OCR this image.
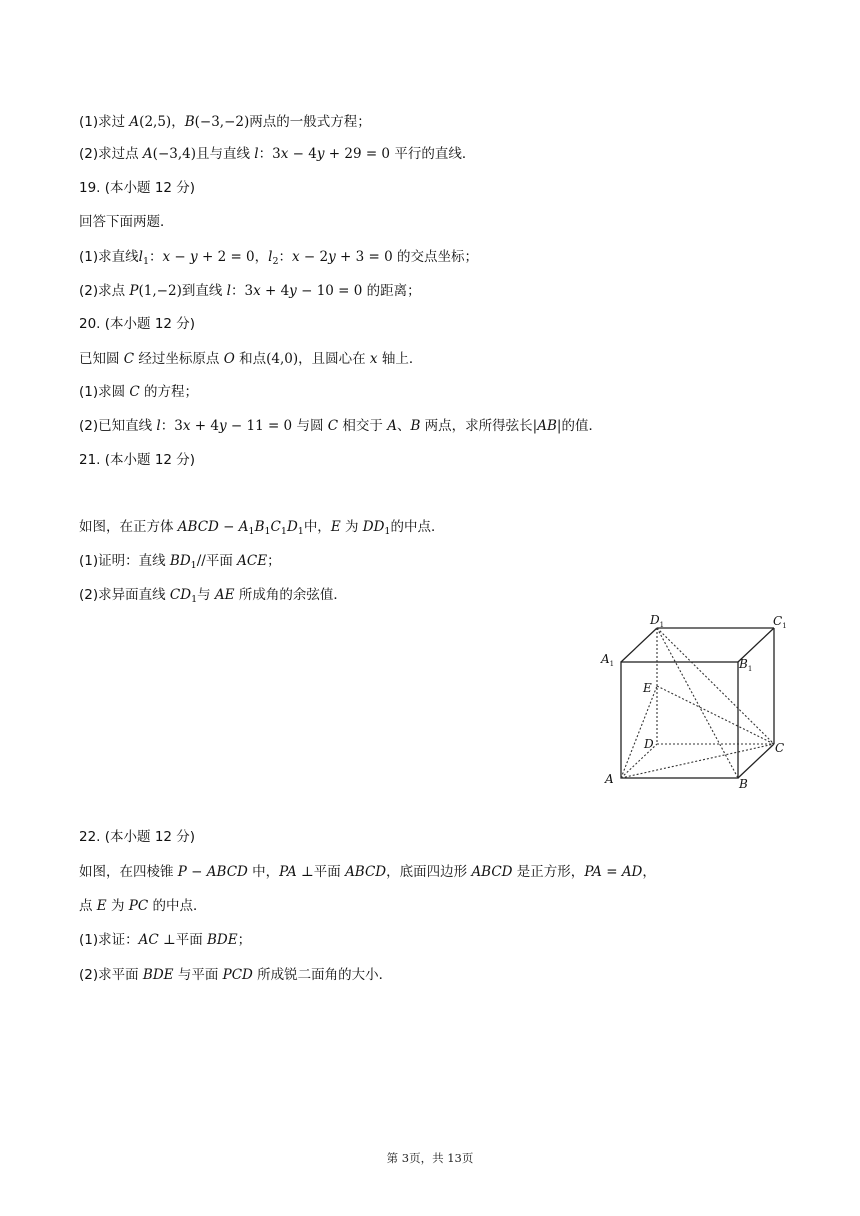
(1)求过 A(2,5)，B(−3,−2)两点的一般式方程；
(2)求过点 A(−3,4)且与直线 l：3x − 4y + 29 = 0 平行的直线．
19. (本小题 12 分)
回答下面两题．
(1)求直线$l_1$：x − y + 2 = 0，$l_2$：x − 2y + 3 = 0 的交点坐标；
(2)求点 P(1,−2)到直线 l：3x + 4y − 10 = 0 的距离；
20. (本小题 12 分)
已知圆 C 经过坐标原点 O 和点(4,0)，且圆心在 x 轴上．
(1)求圆 C 的方程；
(2)已知直线 l：3x + 4y − 11 = 0 与圆 C 相交于 A、B 两点，求所得弦长|AB|的值．
21. (本小题 12 分)
如图，在正方体 ABCD − $A_1B_1C_1D_1$中，E 为 $DD_1$的中点．
(1)证明：直线 $BD_1//$平面 ACE；
(2)求异面直线 $CD_1$与 AE 所成角的余弦值．
$D_1$	$C_1$
$A_1$	$B_1$
E
D	C
A	B
22. (本小题 12 分)
如图，在四棱锥 P − ABCD 中，PA ⊥平面 ABCD，底面四边形 ABCD 是正方形，PA = AD，
点 E 为 PC 的中点．
(1)求证：AC ⊥平面 BDE；
(2)求平面 BDE 与平面 PCD 所成锐二面角的大小．
第 3页，共 13页
